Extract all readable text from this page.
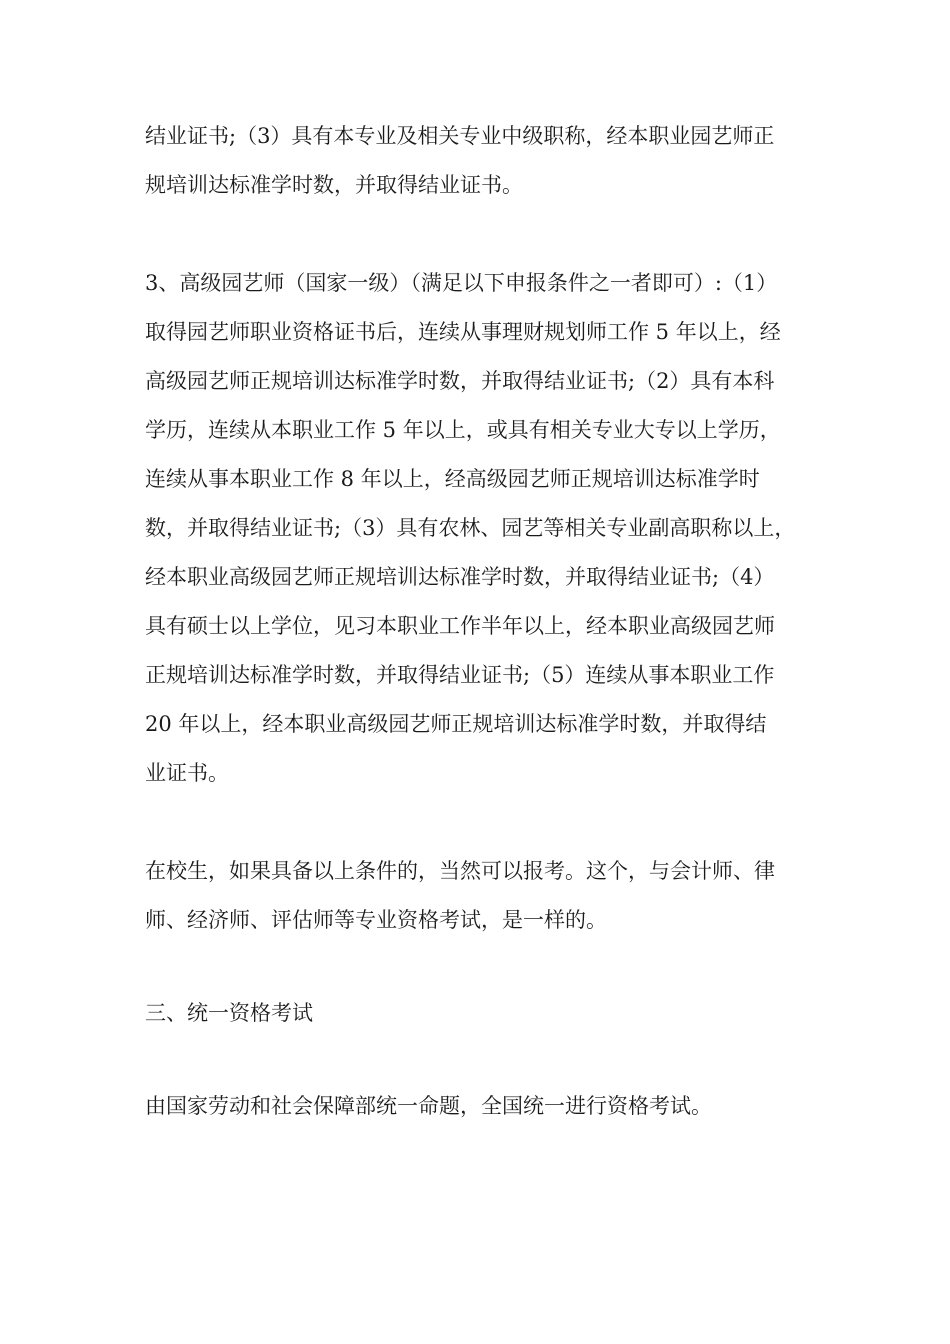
结业证书;（3）具有本专业及相关专业中级职称，经本职业园艺师正
规培训达标准学时数，并取得结业证书。

3、高级园艺师（国家一级）（满足以下申报条件之一者即可）:（1）
取得园艺师职业资格证书后，连续从事理财规划师工作 5 年以上，经
高级园艺师正规培训达标准学时数，并取得结业证书;（2）具有本科
学历，连续从本职业工作 5 年以上，或具有相关专业大专以上学历，
连续从事本职业工作 8 年以上，经高级园艺师正规培训达标准学时
数，并取得结业证书;（3）具有农林、园艺等相关专业副高职称以上，
经本职业高级园艺师正规培训达标准学时数，并取得结业证书;（4）
具有硕士以上学位，见习本职业工作半年以上，经本职业高级园艺师
正规培训达标准学时数，并取得结业证书;（5）连续从事本职业工作
20 年以上，经本职业高级园艺师正规培训达标准学时数，并取得结
业证书。

在校生，如果具备以上条件的，当然可以报考。这个，与会计师、律
师、经济师、评估师等专业资格考试，是一样的。

三、统一资格考试

由国家劳动和社会保障部统一命题，全国统一进行资格考试。
